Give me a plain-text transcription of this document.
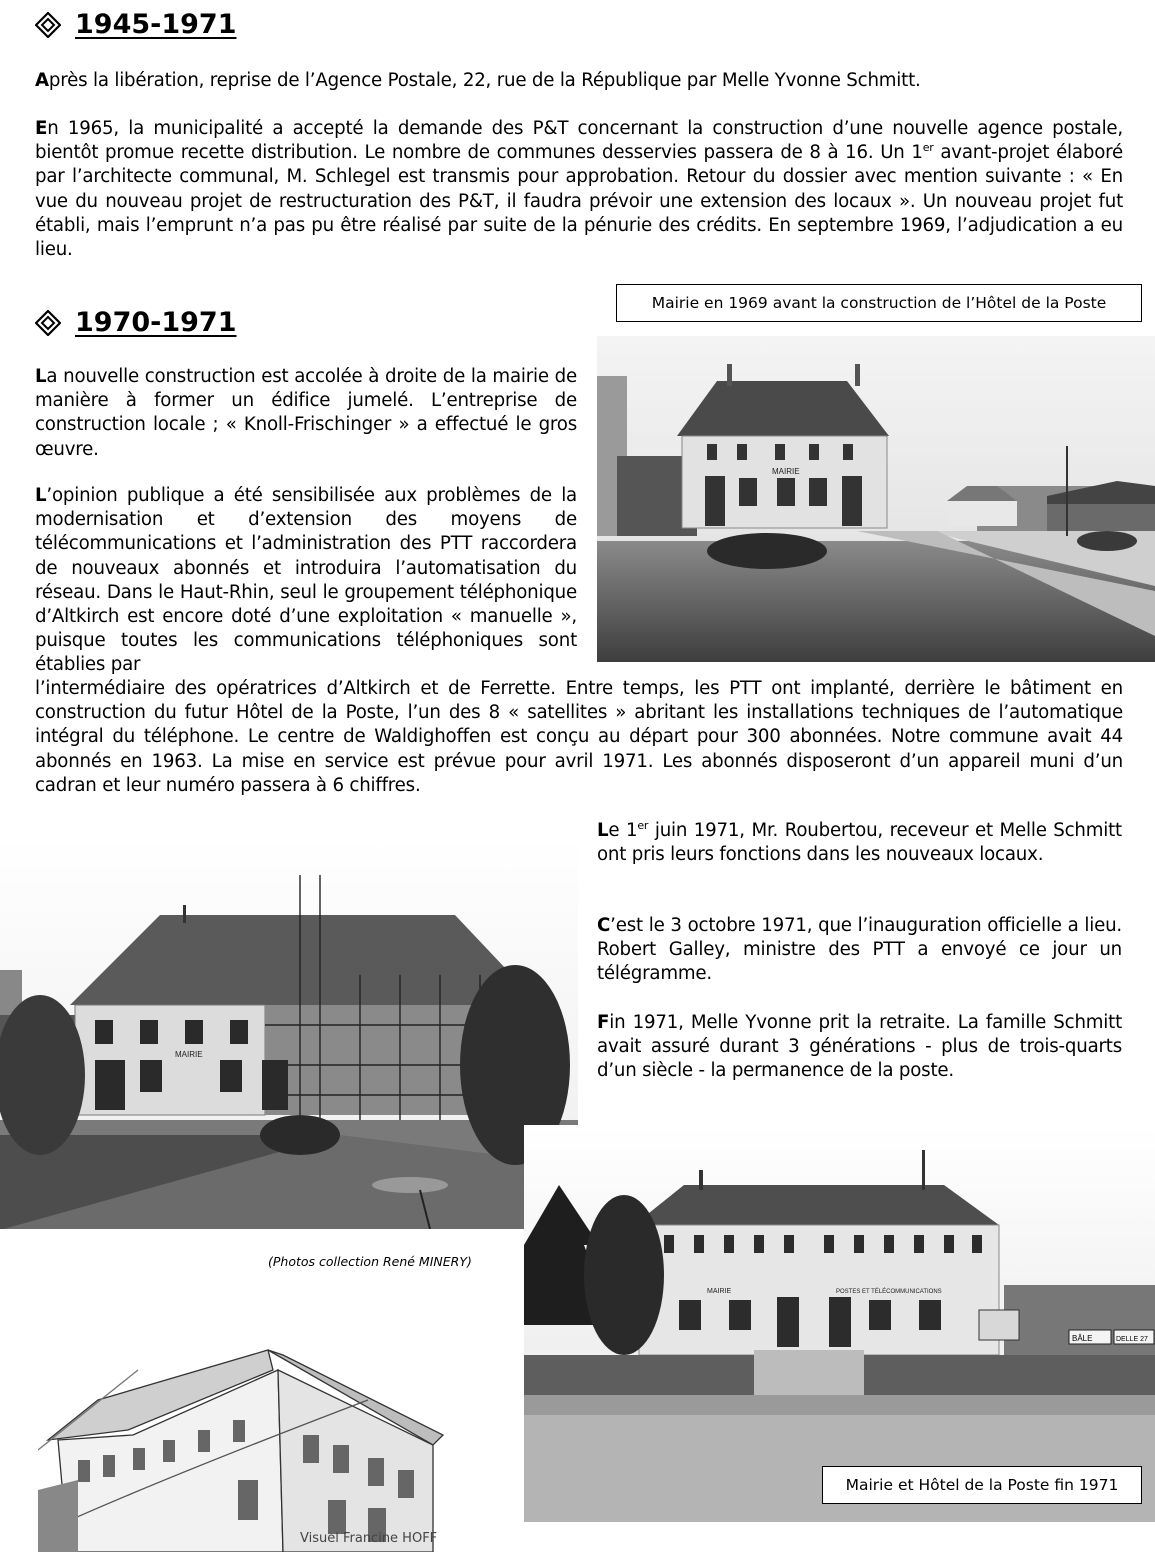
1945-1971
Après la libération, reprise de l’Agence Postale, 22, rue de la République par Melle Yvonne Schmitt.
En 1965, la municipalité a accepté la demande des P&T concernant la construction d’une nouvelle agence postale, bientôt promue recette distribution. Le nombre de communes desservies passera de 8 à 16. Un 1er avant-projet élaboré par l’architecte communal, M. Schlegel est transmis pour approbation. Retour du dossier avec mention suivante : « En vue du nouveau projet de restructuration des P&T, il faudra prévoir une extension des locaux ». Un nouveau projet fut établi, mais l’emprunt n’a pas pu être réalisé par suite de la pénurie des crédits. En septembre 1969, l’adjudication a eu lieu.
1970-1971
Mairie en 1969 avant la construction de l’Hôtel de la Poste
MAIRIE
La nouvelle construction est accolée à droite de la mairie de manière à former un édifice jumelé. L’entreprise de construction locale ; « Knoll-Frischinger » a effectué le gros œuvre.
L’opinion publique a été sensibilisée aux problèmes de la modernisation et d’extension des moyens de télécommunications et l’administration des PTT raccordera de nouveaux abonnés et introduira l’automatisation du réseau. Dans le Haut-Rhin, seul le groupement téléphonique d’Altkirch est encore doté d’une exploitation « manuelle », puisque toutes les communications téléphoniques sont établies par
l’intermédiaire des opératrices d’Altkirch et de Ferrette. Entre temps, les PTT ont implanté, derrière le bâtiment en construction du futur Hôtel de la Poste, l’un des 8 « satellites » abritant les installations techniques de l’automatique intégral du téléphone. Le centre de Waldighoffen est conçu au départ pour 300 abonnées. Notre commune avait 44 abonnés en 1963. La mise en service est prévue pour avril 1971. Les abonnés disposeront d’un appareil muni d’un cadran et leur numéro passera à 6 chiffres.
MAIRIE
Le 1er juin 1971, Mr. Roubertou, receveur et Melle Schmitt ont pris leurs fonctions dans les nouveaux locaux.
C’est le 3 octobre 1971, que l’inauguration officielle a lieu. Robert Galley, ministre des PTT a envoyé ce jour un télégramme.
Fin 1971, Melle Yvonne prit la retraite. La famille Schmitt avait assuré durant 3 générations - plus de trois-quarts d’un siècle - la permanence de la poste.
(Photos collection René MINERY)
MAIRIE	POSTES ET TÉLÉCOMMUNICATIONS
BÂLE	DELLE 27
Mairie et Hôtel de la Poste fin 1971
Visuel Francine HOFF
